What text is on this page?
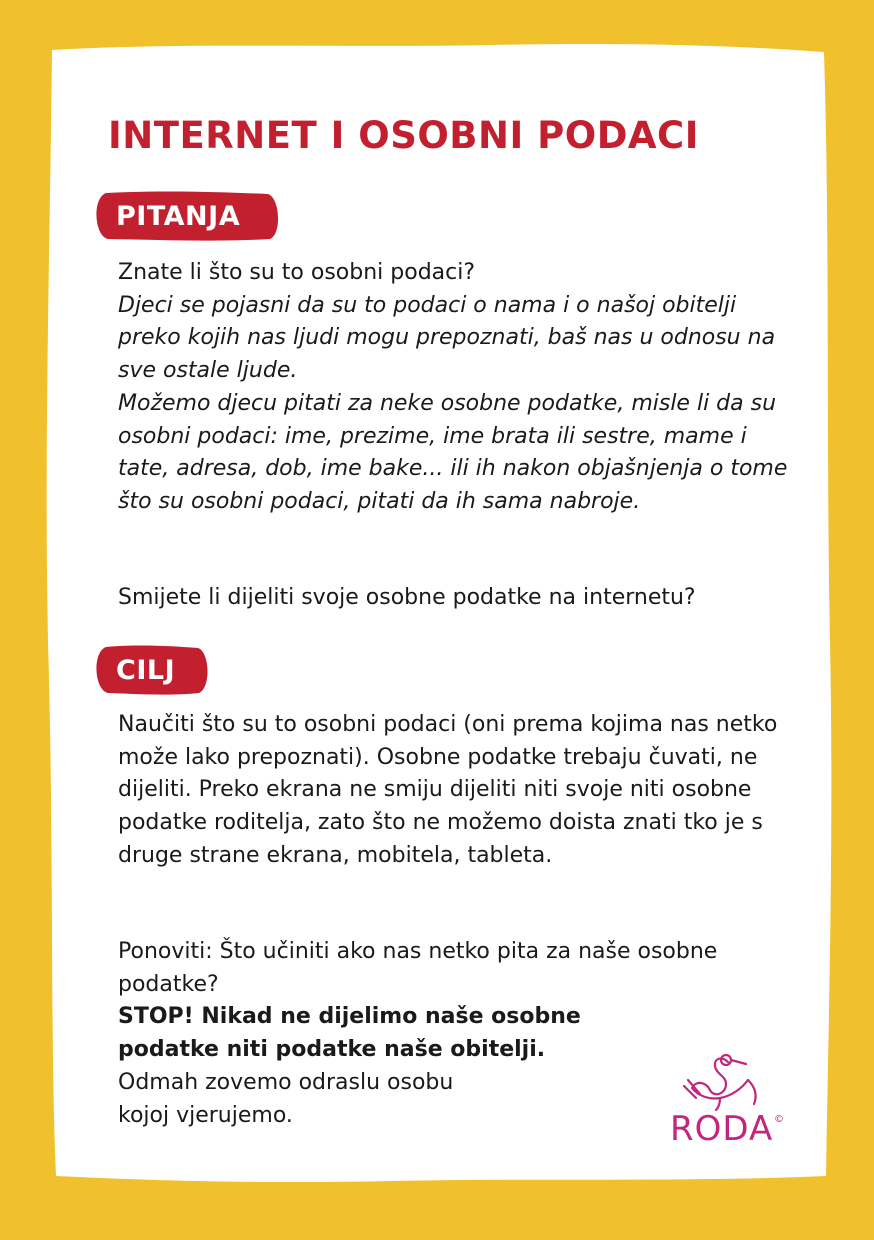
INTERNET I OSOBNI PODACI
PITANJA

Znate li što su to osobni podaci?

Djeci se pojasni da su to podaci o nama i o našoj obitelji preko kojih nas ljudi mogu prepoznati, baš nas u odnosu na sve ostale ljude.

Možemo djecu pitati za neke osobne podatke, misle li da su osobni podaci: ime, prezime, ime brata ili sestre, mame i tate, adresa, dob, ime bake... ili ih nakon objašnjenja o tome što su osobni podaci, pitati da ih sama nabroje.

Smijete li dijeliti svoje osobne podatke na internetu?

CILJ

Naučiti što su to osobni podaci (oni prema kojima nas netko može lako prepoznati). Osobne podatke trebaju čuvati, ne dijeliti. Preko ekrana ne smiju dijeliti niti svoje niti osobne podatke roditelja, zato što ne možemo doista znati tko je s druge strane ekrana, mobitela, tableta.

Ponoviti: Što učiniti ako nas netko pita za naše osobne podatke?

STOP! Nikad ne dijelimo naše osobne

podatke niti podatke naše obitelji.

Odmah zovemo odraslu osobu

kojoj vjerujemo.	RODA ©
